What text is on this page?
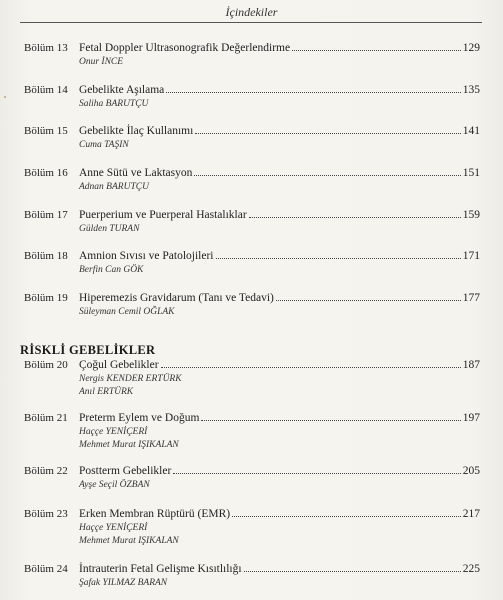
İçindekiler
Bölüm 13 Fetal Doppler Ultrasonografik Değerlendirme	129
Onur İNCE
Bölüm 14 Gebelikte Aşılama	135
Saliha BARUTÇU
Bölüm 15 Gebelikte İlaç Kullanımı	141
Cuma TAŞIN
Bölüm 16 Anne Sütü ve Laktasyon	151
Adnan BARUTÇU
Bölüm 17 Puerperium ve Puerperal Hastalıklar	159
Gülden TURAN
Bölüm 18 Amnion Sıvısı ve Patolojileri	171
Berfin Can GÖK
Bölüm 19 Hiperemezis Gravidarum (Tanı ve Tedavi)	177
Süleyman Cemil OĞLAK
RİSKLİ GEBELİKLER
Bölüm 20 Çoğul Gebelikler	187
Nergis KENDER ERTÜRK
Anıl ERTÜRK
Bölüm 21 Preterm Eylem ve Doğum	197
Haççe YENİÇERİ
Mehmet Murat IŞIKALAN
Bölüm 22 Postterm Gebelikler	205
Ayşe Seçil ÖZBAN
Bölüm 23 Erken Membran Rüptürü (EMR)	217
Haççe YENİÇERİ
Mehmet Murat IŞIKALAN
Bölüm 24 İntrauterin Fetal Gelişme Kısıtlılığı	225
Şafak YILMAZ BARAN
